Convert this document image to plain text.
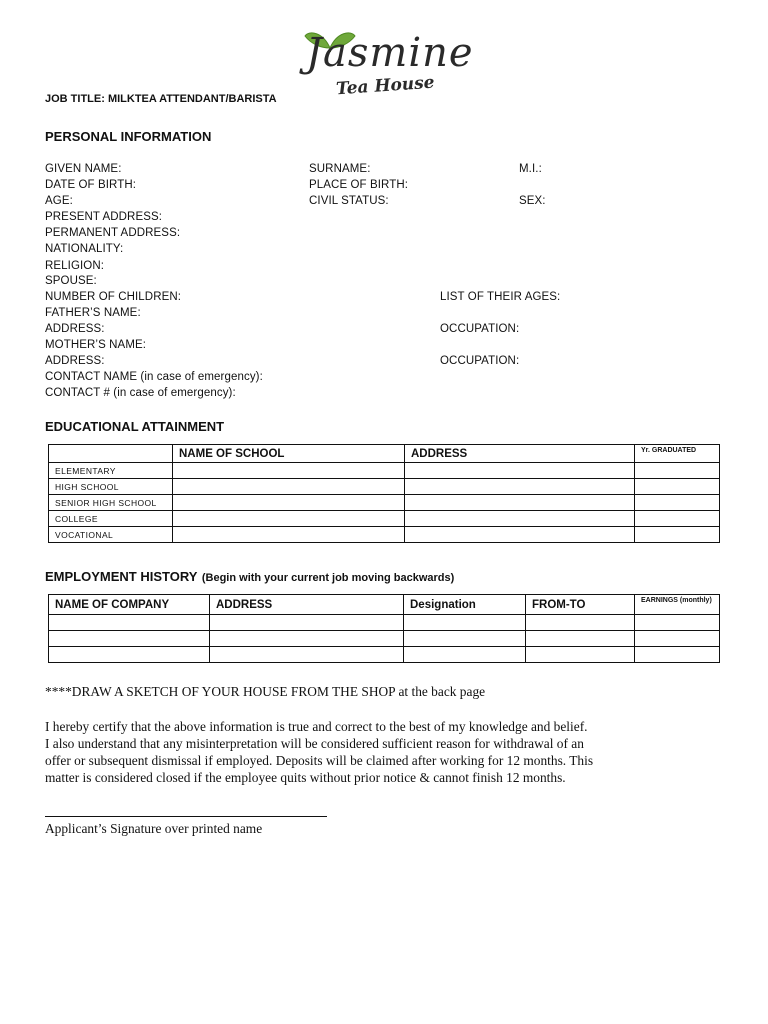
Jasmine
Tea House
JOB TITLE: MILKTEA ATTENDANT/BARISTA
PERSONAL INFORMATION
GIVEN NAME:	SURNAME:	M.I.:
DATE OF BIRTH:	PLACE OF BIRTH:
AGE:	CIVIL STATUS:	SEX:
PRESENT ADDRESS:
PERMANENT ADDRESS:
NATIONALITY:
RELIGION:
SPOUSE:
NUMBER OF CHILDREN:	LIST OF THEIR AGES:
FATHER’S NAME:
ADDRESS:	OCCUPATION:
MOTHER’S NAME:
ADDRESS:	OCCUPATION:
CONTACT NAME (in case of emergency):
CONTACT # (in case of emergency):
EDUCATIONAL ATTAINMENT
	NAME OF SCHOOL	ADDRESS	Yr. GRADUATED
ELEMENTARY			
HIGH SCHOOL			
SENIOR HIGH SCHOOL			
COLLEGE			
VOCATIONAL			
EMPLOYMENT HISTORY (Begin with your current job moving backwards)
NAME OF COMPANY	ADDRESS	Designation	FROM-TO	EARNINGS (monthly)

****DRAW A SKETCH OF YOUR HOUSE FROM THE SHOP at the back page
I hereby certify that the above information is true and correct to the best of my knowledge and belief.
I also understand that any misinterpretation will be considered sufficient reason for withdrawal of an
offer or subsequent dismissal if employed. Deposits will be claimed after working for 12 months. This
matter is considered closed if the employee quits without prior notice & cannot finish 12 months.
Applicant’s Signature over printed name
